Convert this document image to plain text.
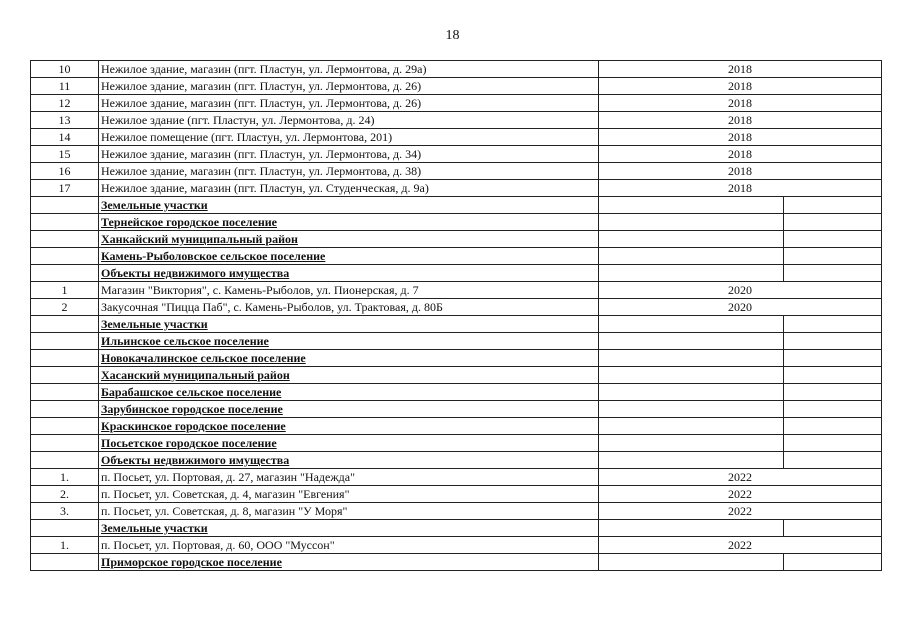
18
10	Нежилое здание, магазин (пгт. Пластун, ул. Лермонтова, д. 29а)	2018	
11	Нежилое здание, магазин (пгт. Пластун, ул. Лермонтова, д. 26)	2018	
12	Нежилое здание, магазин (пгт. Пластун, ул. Лермонтова, д. 26)	2018	
13	Нежилое здание (пгт. Пластун, ул. Лермонтова, д. 24)	2018	
14	Нежилое помещение (пгт. Пластун, ул. Лермонтова, 201)	2018	
15	Нежилое здание, магазин (пгт. Пластун, ул. Лермонтова, д. 34)	2018	
16	Нежилое здание, магазин (пгт. Пластун, ул. Лермонтова, д. 38)	2018	
17	Нежилое здание, магазин (пгт. Пластун, ул. Студенческая, д. 9а)	2018	
	Земельные участки		
	Тернейское городское поселение		
	Ханкайский муниципальный район		
	Камень-Рыболовское сельское поселение		
	Объекты недвижимого имущества		
1	Магазин "Виктория", с. Камень-Рыболов, ул. Пионерская, д. 7	2020	
2	Закусочная "Пицца Паб", с. Камень-Рыболов, ул. Трактовая, д. 80Б	2020	
	Земельные участки		
	Ильинское сельское поселение		
	Новокачалинское сельское поселение		
	Хасанский муниципальный район		
	Барабашское сельское поселение		
	Зарубинское городское поселение		
	Краскинское городское поселение		
	Посьетское городское поселение		
	Объекты недвижимого имущества		
1.	п. Посьет, ул. Портовая, д. 27, магазин "Надежда"	2022	
2.	п. Посьет, ул. Советская, д. 4, магазин "Евгения"	2022	
3.	п. Посьет, ул. Советская, д. 8, магазин "У Моря"	2022	
	Земельные участки		
1.	п. Посьет, ул. Портовая, д. 60, ООО "Муссон"	2022	
	Приморское городское поселение		
